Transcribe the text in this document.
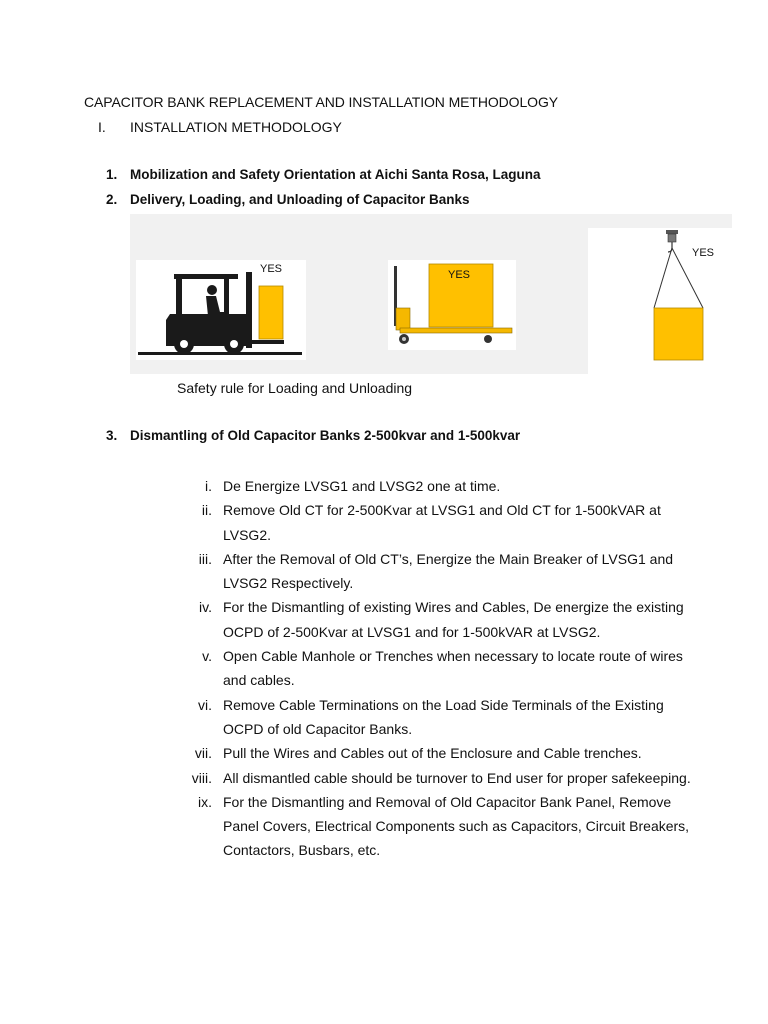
CAPACITOR BANK REPLACEMENT AND INSTALLATION METHODOLOGY
I. INSTALLATION METHODOLOGY
1. Mobilization and Safety Orientation at Aichi Santa Rosa, Laguna
2. Delivery, Loading, and Unloading of Capacitor Banks
YES	YES
YES
Safety rule for Loading and Unloading
3. Dismantling of Old Capacitor Banks 2-500kvar and 1-500kvar
i. De Energize LVSG1 and LVSG2 one at time.
ii. Remove Old CT for 2-500Kvar at LVSG1 and Old CT for 1-500kVAR at LVSG2.
iii. After the Removal of Old CT’s, Energize the Main Breaker of LVSG1 and LVSG2 Respectively.
iv. For the Dismantling of existing Wires and Cables, De energize the existing OCPD of 2-500Kvar at LVSG1 and for 1-500kVAR at LVSG2.
v. Open Cable Manhole or Trenches when necessary to locate route of wires and cables.
vi. Remove Cable Terminations on the Load Side Terminals of the Existing OCPD of old Capacitor Banks.
vii. Pull the Wires and Cables out of the Enclosure and Cable trenches.
viii. All dismantled cable should be turnover to End user for proper safekeeping.
ix. For the Dismantling and Removal of Old Capacitor Bank Panel, Remove Panel Covers, Electrical Components such as Capacitors, Circuit Breakers, Contactors, Busbars, etc.
